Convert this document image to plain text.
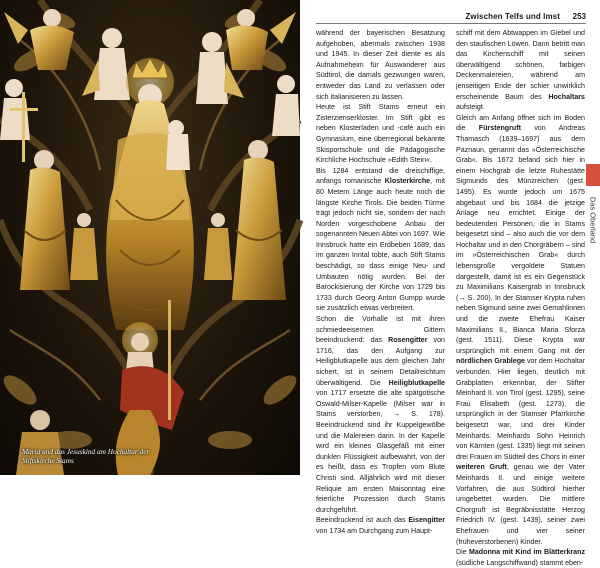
Maria und das Jesuskind am Hochaltar der Stiftskirche Stams
Zwischen Telfs und Imst 253

während der bayerischen Besatzung aufgehoben, abermals zwischen 1938 und 1945. In dieser Zeit diente es als Aufnahmeheim für Auswanderer aus Südtirol, die damals gezwungen waren, entweder das Land zu verlassen oder sich italianisieren zu lassen.

Heute ist Stift Stams erneut ein Zisterzienserkloster. Im Stift gibt es neben Klosterladen und -café auch ein Gymnasium, eine überregional bekannte Skisportschule und die Pädagogische Kirchliche Hochschule »Edith Stein«.

Bis 1284 entstand die dreischiffige, anfangs romanische Klosterkirche, mit 80 Metern Länge auch heute noch die längste Kirche Tirols. Die beiden Türme trägt jedoch nicht sie, sondern der nach Norden vorgeschobene Anbau der sogenannten Neuen Abtei von 1697. Wie Innsbruck hatte ein Erdbeben 1689, das im ganzen Inntal tobte, auch Stift Stams beschädigt, so dass einige Neu- und Umbauten nötig wurden. Bei der Barockisierung der Kirche von 1729 bis 1733 durch Georg Anton Gumpp wurde sie zusätzlich etwas verbreitert.

Schon die Vorhalle ist mit ihren schmiedeeisernen Gittern beeindruckend: das Rosengitter von 1716, das den Aufgang zur Heiligblutkapelle aus dem gleichen Jahr sichert, ist in seinem Detailreichtum überwältigend. Die Heiligblutkapelle von 1717 ersetzte die alte spätgotische Oswald-Milser-Kapelle (Milser war in Stams verstorben, → S. 178). Beeindruckend sind ihr Kuppelgewölbe und die Malereien darin. In der Kapelle wird ein kleines Glasgefäß mit einer dunklen Flüssigkeit aufbewahrt, von der es heißt, dass es Tropfen vom Blute Christi sind. Alljährlich wird mit dieser Reliquie am ersten Maisonntag eine feierliche Prozession durch Stams durchgeführt.

Beeindruckend ist auch das Eisengitter von 1734 am Durchgang zum Haupt-

schiff mit dem Abtwappen im Giebel und den staufischen Löwen. Dann betritt man das Kirchenschiff mit seinen überwältigend schönen, farbigen Deckenmalereien, während am jenseitigen Ende der schier unwirklich erscheinende Baum des Hochaltars aufsteigt.

Gleich am Anfang öffnet sich im Boden die Fürstengruft von Andreas Thamasch (1639–1697) aus dem Paznaun, genannt das »Österreichische Grab«. Bis 1672 befand sich hier in einem Hochgrab die letzte Ruhestätte Sigmunds des Münzreichen (gest. 1495). Es wurde jedoch um 1675 abgebaut und bis 1684 die jetzige Anlage neu errichtet. Einige der bedeutenden Personen, die in Stams beigesetzt sind – also auch die vor dem Hochaltar und in den Chorgräbern – sind im »Österreichischen Grab« durch lebensgroße vergoldete Statuen dargestellt, damit ist es ein Gegenstück zu Maximilians Kaisergrab in Innsbruck (→ S. 200). In der Stamser Krypta ruhen neben Sigmund seine zwei Gemahlinnen und die zweite Ehefrau Kaiser Maximilians II., Bianca Maria Sforza (gest. 1511). Diese Krypta war ursprünglich mit einem Gang mit der nördlichen Grablege vor dem Hochaltar verbunden. Hier liegen, deutlich mit Grabplatten erkennbar, der Stifter Meinhard II. von Tirol (gest. 1295), seine Frau Elisabeth (gest. 1273), die ursprünglich in der Stamser Pfarrkirche beigesetzt war, und drei Kinder Meinhards. Meinhards Sohn Heinrich von Kärnten (gest. 1335) liegt mit seinen drei Frauen im Südteil des Chors in einer weiteren Gruft, genau wie der Vater Meinhards II. und einige weitere Vorfahren, die aus Südtirol hierher umgebettet wurden. Die mittlere Chorgruft ist Begräbnisstätte Herzog Friedrich IV. (gest. 1439), seiner zwei Ehefrauen und vier seiner (früheverstorbenen) Kinder.

Die Madonna mit Kind im Blätterkranz (südliche Langschiffwand) stammt eben-

Das Oberland
